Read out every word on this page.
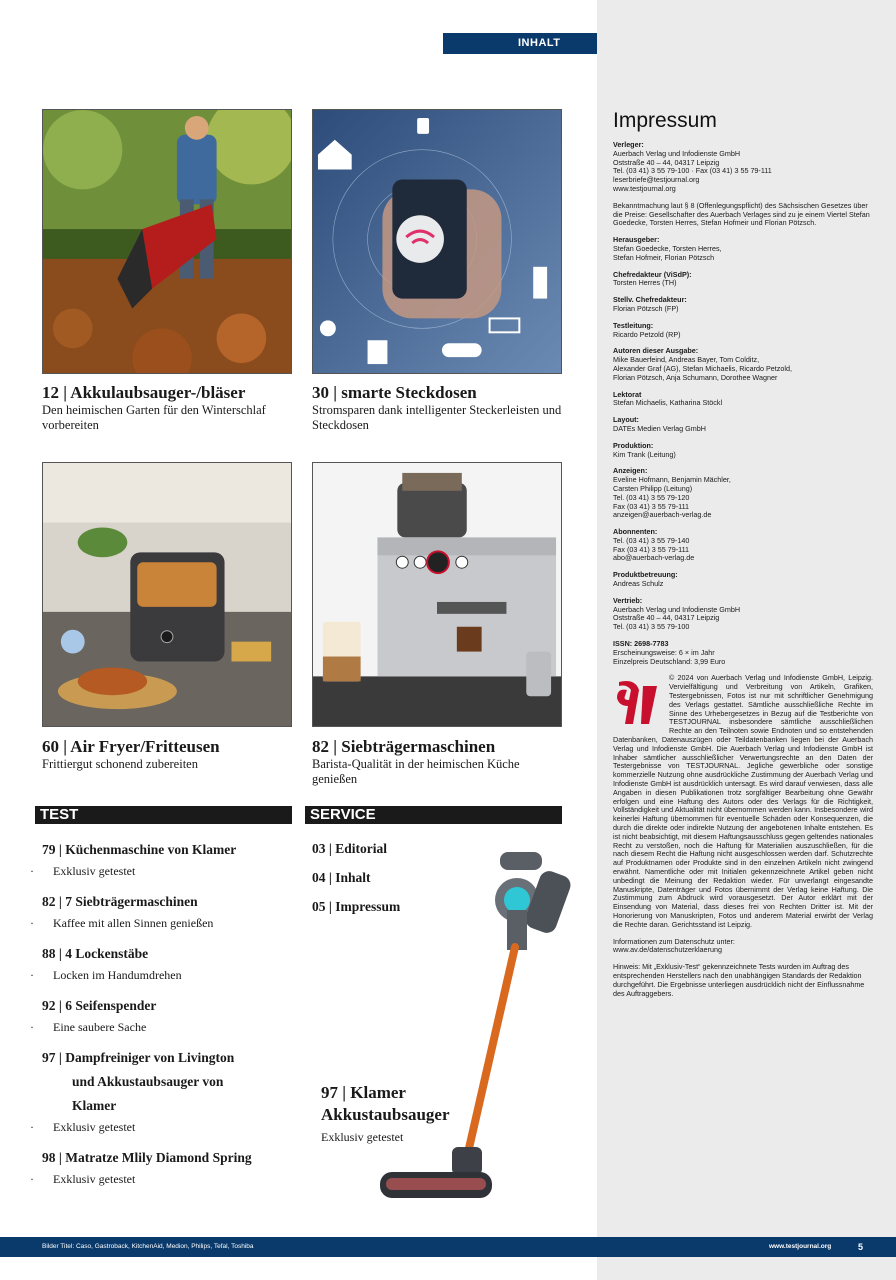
INHALT
12 | Akkulaubsauger-/bläser

Den heimischen Garten für den Winterschlaf vorbereiten

30 | smarte Steckdosen

Stromsparen dank intelligenter Steckerleisten und Steckdosen

60 | Air Fryer/Fritteusen

Frittiergut schonend zubereiten

82 | Siebträgermaschinen

Barista-Qualität in der heimischen Küche genießen

TEST	SERVICE
79 | Küchenmaschine von Klamer
· Exklusiv getestet
82 | 7 Siebträgermaschinen
· Kaffee mit allen Sinnen genießen
88 | 4 Lockenstäbe
· Locken im Handumdrehen
92 | 6 Seifenspender
· Eine saubere Sache
97 | Dampfreiniger von Livington
und Akkustaubsauger von
Klamer
· Exklusiv getestet
98 | Matratze Mlily Diamond Spring
· Exklusiv getestet
03 | Editorial
04 | Inhalt
05 | Impressum
97 | Klamer Akkustaubsauger
Exklusiv getestet
Impressum
Verleger:
Auerbach Verlag und Infodienste GmbH
Oststraße 40 – 44, 04317 Leipzig
Tel. (03 41) 3 55 79-100 · Fax (03 41) 3 55 79-111
leserbriefe@testjournal.org
www.testjournal.org
Bekanntmachung laut § 8 (Offenlegungspflicht) des Sächsischen Gesetzes über die Preise: Gesellschafter des Auerbach Verlages sind zu je einem Viertel Stefan Goedecke, Torsten Herres, Stefan Hofmeir und Florian Pötzsch.
Herausgeber:
Stefan Goedecke, Torsten Herres,
Stefan Hofmeir, Florian Pötzsch
Chefredakteur (ViSdP):
Torsten Herres (TH)
Stellv. Chefredakteur:
Florian Pötzsch (FP)
Testleitung:
Ricardo Petzold (RP)
Autoren dieser Ausgabe:
Mike Bauerfeind, Andreas Bayer, Tom Colditz,
Alexander Graf (AG), Stefan Michaelis, Ricardo Petzold,
Florian Pötzsch, Anja Schumann, Dorothee Wagner
Lektorat
Stefan Michaelis, Katharina Stöckl
Layout:
DATEs Medien Verlag GmbH
Produktion:
Kim Trank (Leitung)
Anzeigen:
Eveline Hofmann, Benjamin Mächler,
Carsten Philipp (Leitung)
Tel. (03 41) 3 55 79-120
Fax (03 41) 3 55 79-111
anzeigen@auerbach-verlag.de
Abonnenten:
Tel. (03 41) 3 55 79-140
Fax (03 41) 3 55 79-111
abo@auerbach-verlag.de
Produktbetreuung:
Andreas Schulz
Vertrieb:
Auerbach Verlag und Infodienste GmbH
Oststraße 40 – 44, 04317 Leipzig
Tel. (03 41) 3 55 79-100
ISSN: 2698-7783
Erscheinungsweise: 6 × im Jahr
Einzelpreis Deutschland: 3,99 Euro
© 2024 von Auerbach Verlag und Infodienste GmbH, Leipzig. Vervielfältigung und Verbreitung von Artikeln, Grafiken, Testergebnissen, Fotos ist nur mit schriftlicher Genehmigung des Verlags gestattet. Sämtliche ausschließliche Rechte im Sinne des Urhebergesetzes in Bezug auf die Testberichte von TESTJOURNAL insbesondere sämtliche ausschließlichen Rechte an den Teilnoten sowie Endnoten und so entstehenden Datenbanken, Datenauszügen oder Teildatenbanken liegen bei der Auerbach Verlag und Infodienste GmbH. Die Auerbach Verlag und Infodienste GmbH ist Inhaber sämtlicher ausschließlicher Verwertungsrechte an den Daten der Testergebnisse von TESTJOURNAL. Jegliche gewerbliche oder sonstige kommerzielle Nutzung ohne ausdrückliche Zustimmung der Auerbach Verlag und Infodienste GmbH ist ausdrücklich untersagt. Es wird darauf verwiesen, dass alle Angaben in diesen Publikationen trotz sorgfältiger Bearbeitung ohne Gewähr erfolgen und eine Haftung des Autors oder des Verlags für die Richtigkeit, Vollständigkeit und Aktualität nicht übernommen werden kann. Insbesondere wird keinerlei Haftung übernommen für eventuelle Schäden oder Konsequenzen, die durch die direkte oder indirekte Nutzung der angebotenen Inhalte entstehen. Es ist nicht beabsichtigt, mit diesem Haftungsausschluss gegen geltendes nationales Recht zu verstoßen, noch die Haftung für Materialien auszuschließen, für die nach diesem Recht die Haftung nicht ausgeschlossen werden darf. Schutzrechte auf Produktnamen oder Produkte sind in den einzelnen Artikeln nicht zwingend erwähnt. Namentliche oder mit Initialen gekennzeichnete Artikel geben nicht unbedingt die Meinung der Redaktion wieder. Für unverlangt eingesandte Manuskripte, Datenträger und Fotos übernimmt der Verlag keine Haftung. Die Zustimmung zum Abdruck wird vorausgesetzt. Der Autor erklärt mit der Einsendung von Material, dass dieses frei von Rechten Dritter ist. Mit der Honorierung von Manuskripten, Fotos und anderem Material erwirbt der Verlag die Rechte daran. Gerichtsstand ist Leipzig.
Informationen zum Datenschutz unter:
www.av.de/datenschutzerklaerung
Hinweis: Mit „Exklusiv-Test“ gekennzeichnete Tests wurden im Auftrag des entsprechenden Herstellers nach den unabhängigen Standards der Redaktion durchgeführt. Die Ergebnisse unterliegen ausdrücklich nicht der Einflussnahme des Auftraggebers.
Bilder Titel: Caso, Gastroback, KitchenAid, Medion, Philips, Tefal, Toshiba	www.testjournal.org	5
